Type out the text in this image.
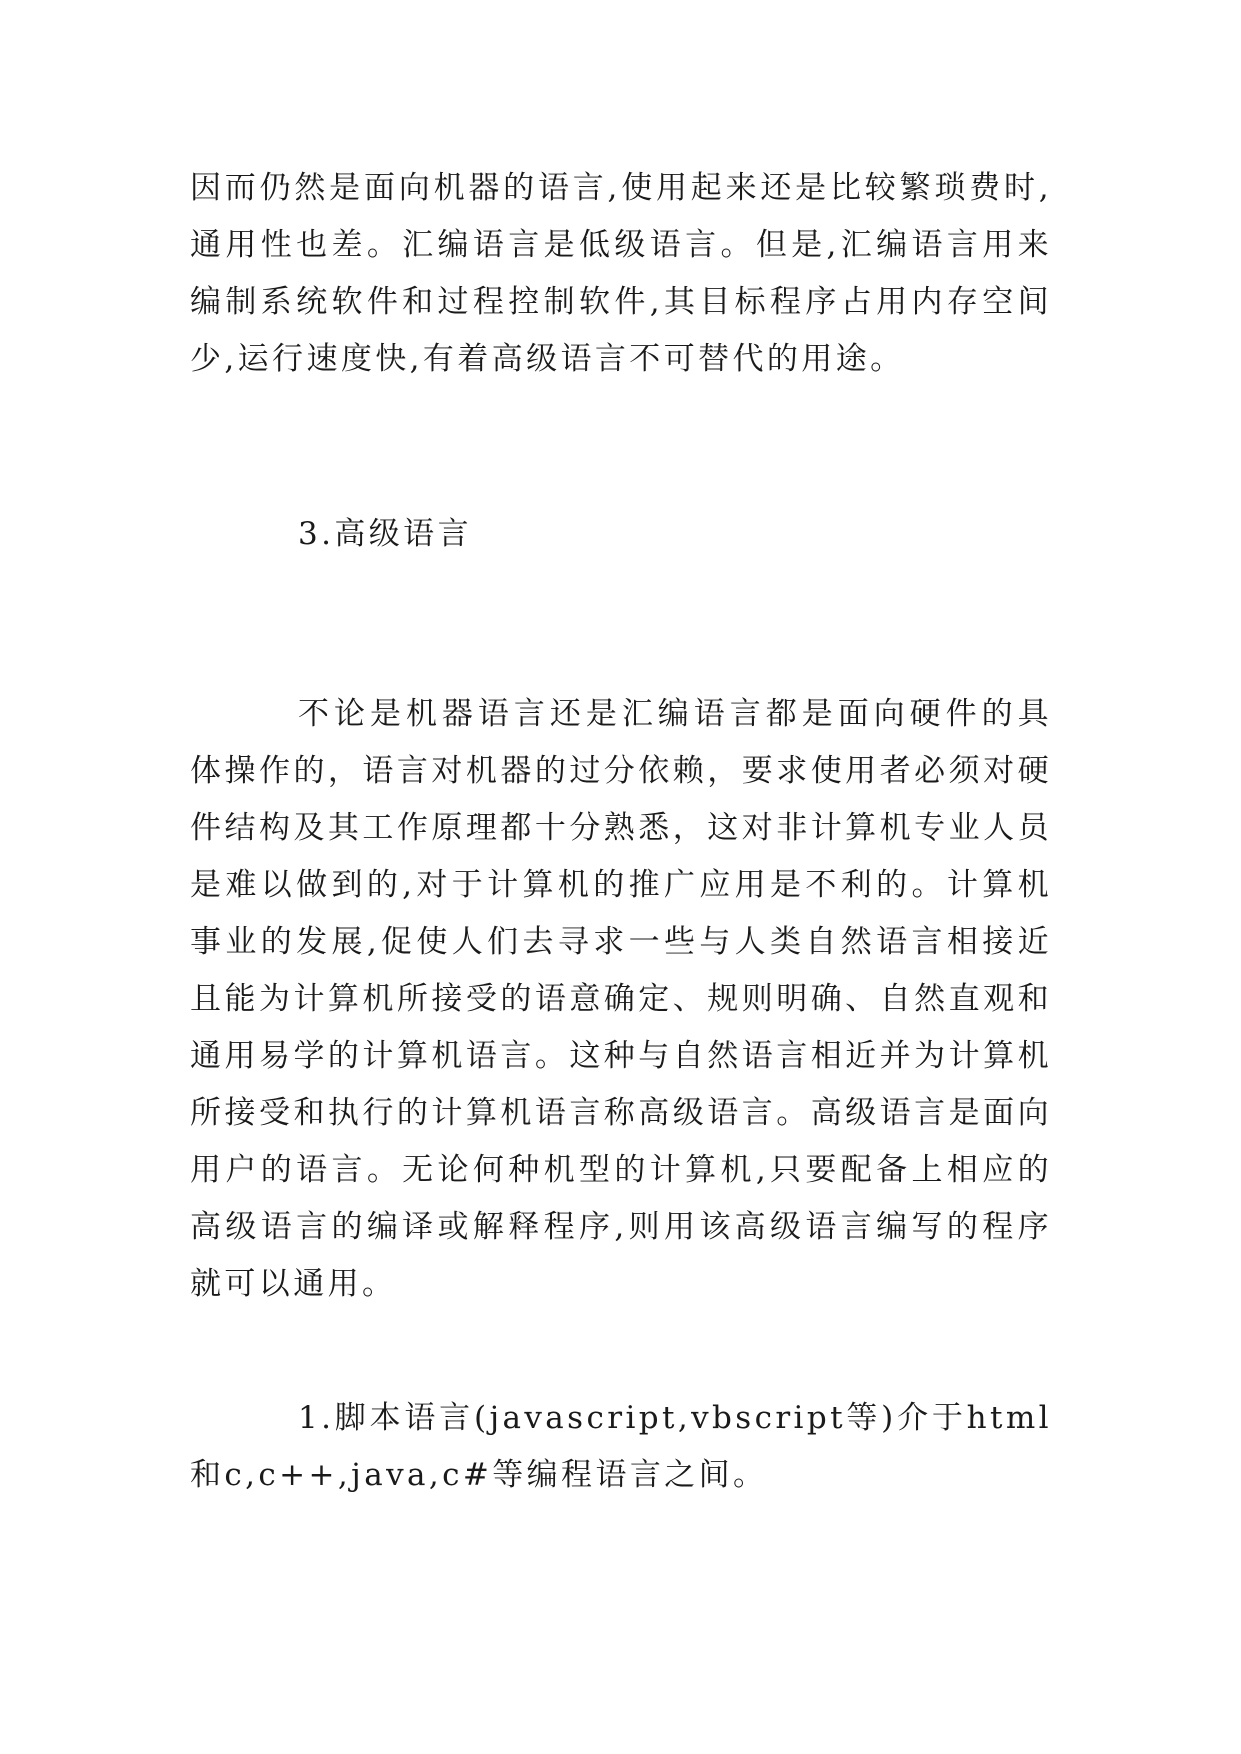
因而仍然是面向机器的语言,使用起来还是比较繁琐费时,通用性也差。汇编语言是低级语言。但是,汇编语言用来编制系统软件和过程控制软件,其目标程序占用内存空间少,运行速度快,有着高级语言不可替代的用途。

3.高级语言

不论是机器语言还是汇编语言都是面向硬件的具体操作的，语言对机器的过分依赖，要求使用者必须对硬件结构及其工作原理都十分熟悉，这对非计算机专业人员是难以做到的,对于计算机的推广应用是不利的。计算机事业的发展,促使人们去寻求一些与人类自然语言相接近且能为计算机所接受的语意确定、规则明确、自然直观和通用易学的计算机语言。这种与自然语言相近并为计算机所接受和执行的计算机语言称高级语言。高级语言是面向用户的语言。无论何种机型的计算机,只要配备上相应的高级语言的编译或解释程序,则用该高级语言编写的程序就可以通用。

1.脚本语言(javascript,vbscript等)介于html和c,c++,java,c#等编程语言之间。
